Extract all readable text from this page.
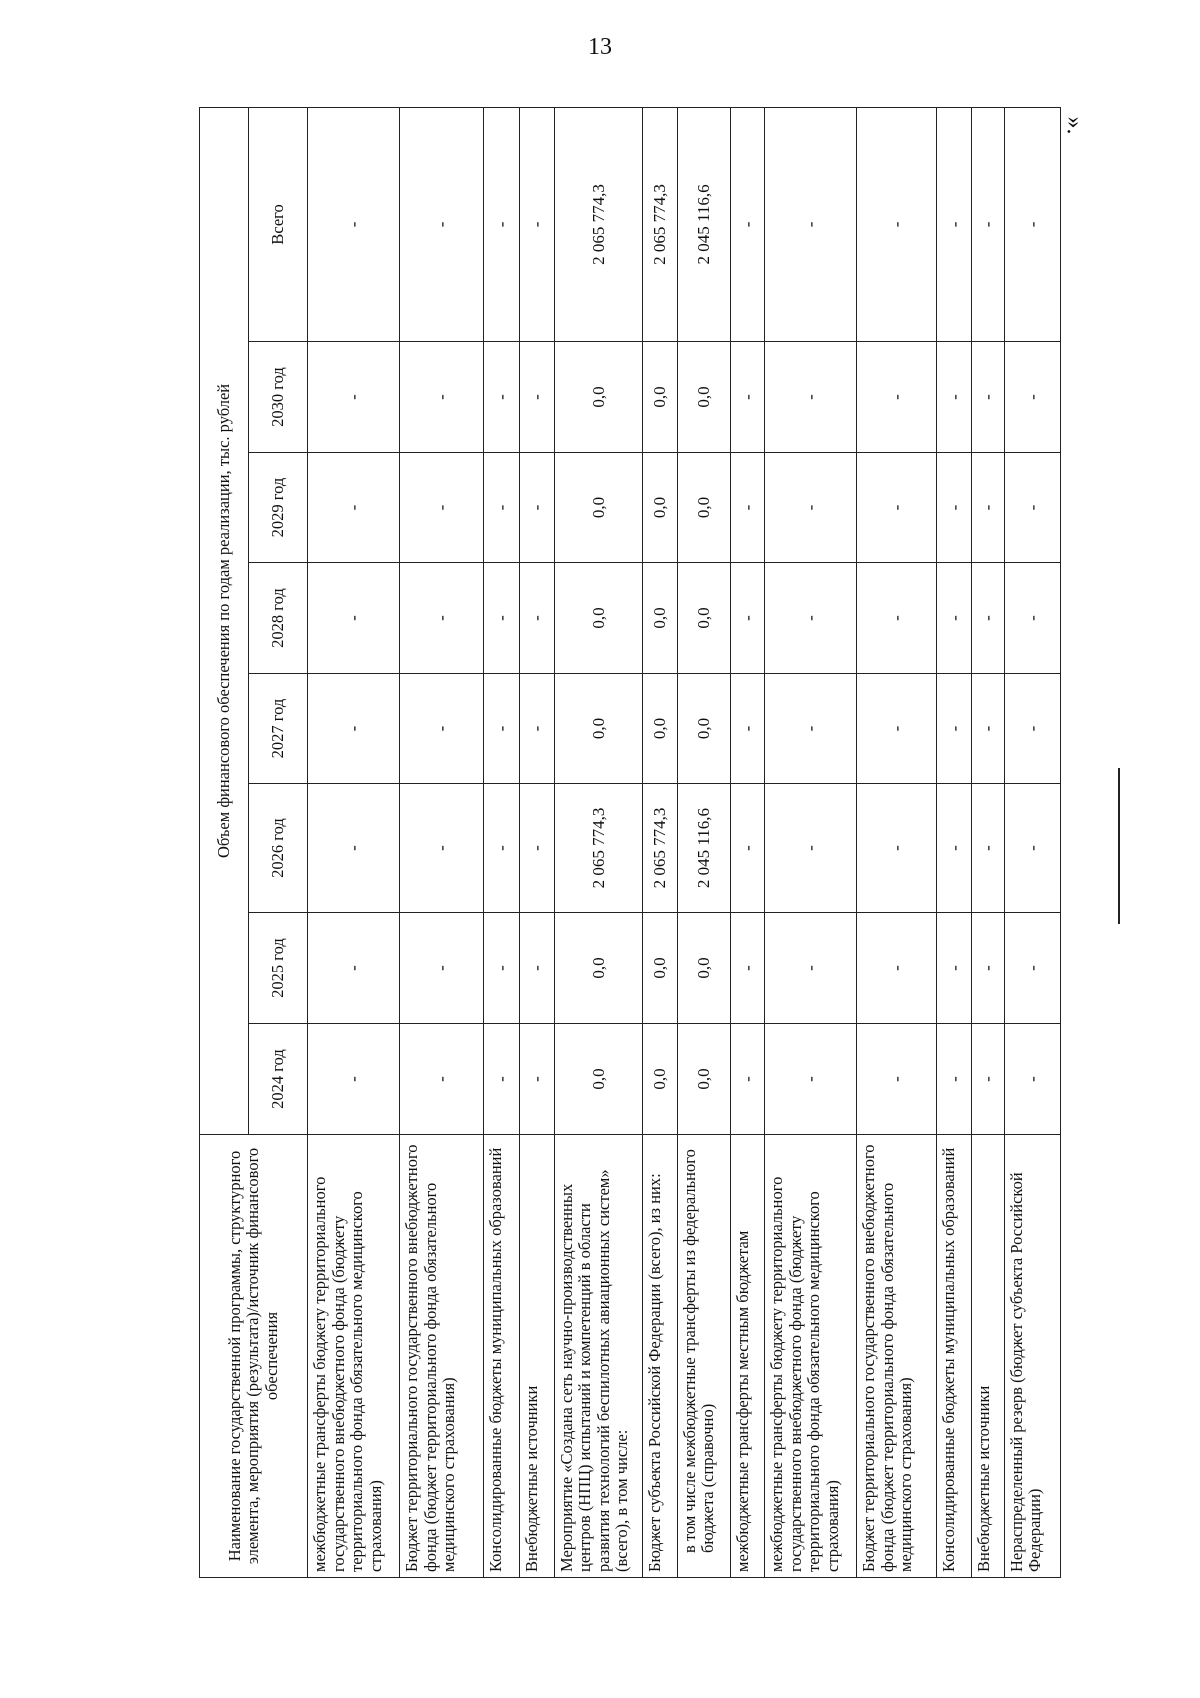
13
».
Наименование государственной программы, структурного элемента, мероприятия (результата)/источник финансового обеспечения	Объем финансового обеспечения по годам реализации, тыс. рублей							
	2024 год	2025 год	2026 год	2027 год	2028 год	2029 год	2030 год	Всего
межбюджетные трансферты бюджету территориального государственного внебюджетного фонда (бюджету территориального фонда обязательного медицинского страхования)	-	-	-	-	-	-	-	-
Бюджет территориального государственного внебюджетного фонда (бюджет территориального фонда обязательного медицинского страхования)	-	-	-	-	-	-	-	-
Консолидированные бюджеты муниципальных образований	-	-	-	-	-	-	-	-
Внебюджетные источники	-	-	-	-	-	-	-	-
Мероприятие «Создана сеть научно-производственных центров (НПЦ) испытаний и компетенций в области развития технологий беспилотных авиационных систем» (всего), в том числе:	0,0	0,0	2 065 774,3	0,0	0,0	0,0	0,0	2 065 774,3
Бюджет субъекта Российской Федерации (всего), из них:	0,0	0,0	2 065 774,3	0,0	0,0	0,0	0,0	2 065 774,3
в том числе межбюджетные трансферты из федерального бюджета (справочно)	0,0	0,0	2 045 116,6	0,0	0,0	0,0	0,0	2 045 116,6
межбюджетные трансферты местным бюджетам	-	-	-	-	-	-	-	-
межбюджетные трансферты бюджету территориального государственного внебюджетного фонда (бюджету территориального фонда обязательного медицинского страхования)	-	-	-	-	-	-	-	-
Бюджет территориального государственного внебюджетного фонда (бюджет территориального фонда обязательного медицинского страхования)	-	-	-	-	-	-	-	-
Консолидированные бюджеты муниципальных образований	-	-	-	-	-	-	-	-
Внебюджетные источники	-	-	-	-	-	-	-	-
Нераспределенный резерв (бюджет субъекта Российской Федерации)	-	-	-	-	-	-	-	-
